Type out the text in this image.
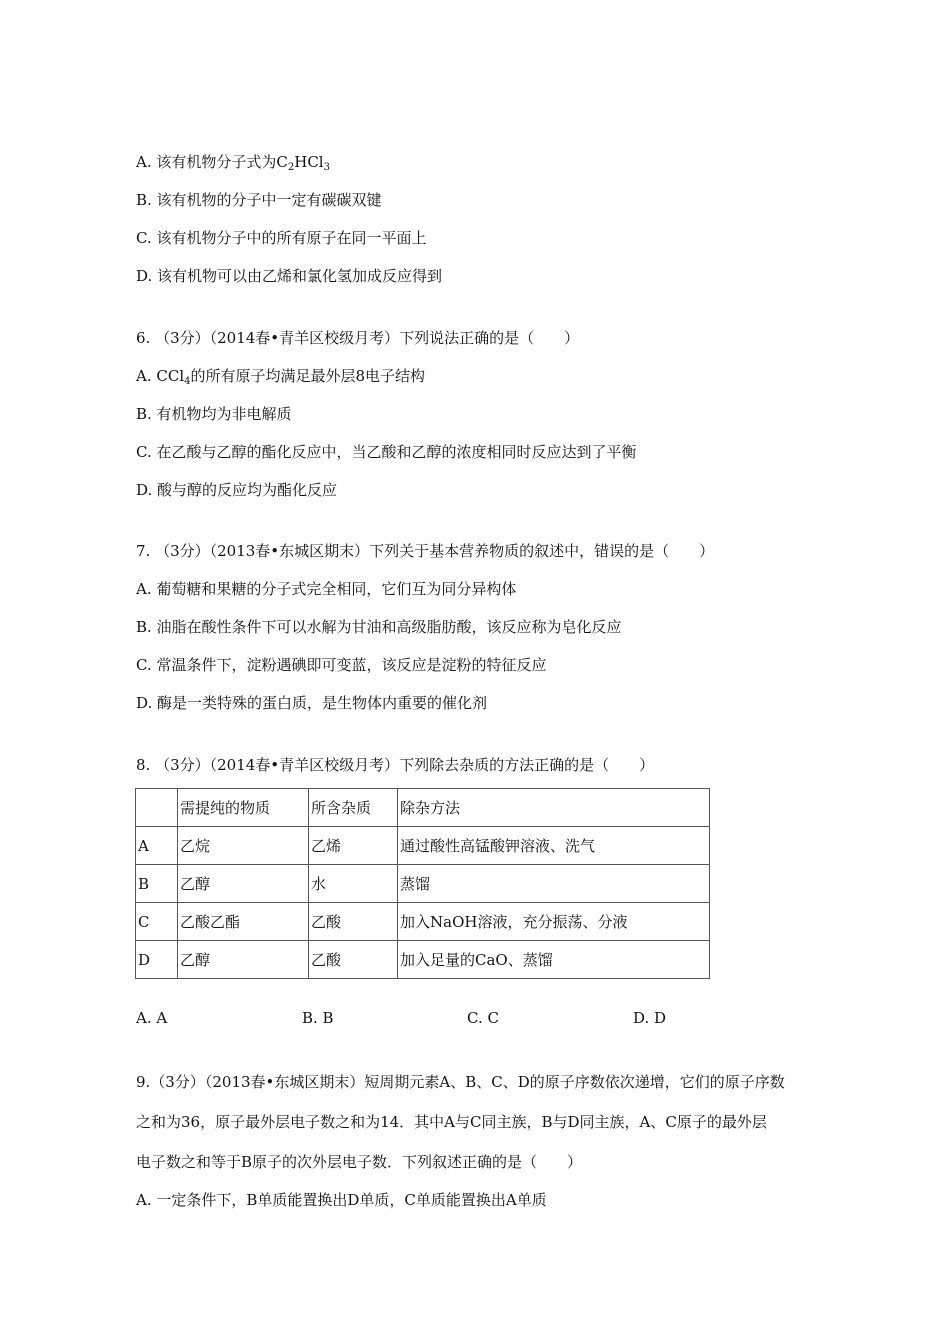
A. 该有机物分子式为$C_2HCl_3$
B. 该有机物的分子中一定有碳碳双键
C. 该有机物分子中的所有原子在同一平面上
D. 该有机物可以由乙烯和氯化氢加成反应得到
6. （3分）（2014春•青羊区校级月考）下列说法正确的是（　　）
A. CCl$_4$的所有原子均满足最外层8电子结构
B. 有机物均为非电解质
C. 在乙酸与乙醇的酯化反应中，当乙酸和乙醇的浓度相同时反应达到了平衡
D. 酸与醇的反应均为酯化反应
7. （3分）（2013春•东城区期末）下列关于基本营养物质的叙述中，错误的是（　　）
A. 葡萄糖和果糖的分子式完全相同，它们互为同分异构体
B. 油脂在酸性条件下可以水解为甘油和高级脂肪酸，该反应称为皂化反应
C. 常温条件下，淀粉遇碘即可变蓝，该反应是淀粉的特征反应
D. 酶是一类特殊的蛋白质，是生物体内重要的催化剂
8. （3分）（2014春•青羊区校级月考）下列除去杂质的方法正确的是（　　）
	需提纯的物质	所含杂质	除杂方法
A	乙烷	乙烯	通过酸性高锰酸钾溶液、洗气
B	乙醇	水	蒸馏
C	乙酸乙酯	乙酸	加入NaOH溶液，充分振荡、分液
D	乙醇	乙酸	加入足量的CaO、蒸馏
A. A	B. B	C. C	D. D
9.（3分）（2013春•东城区期末）短周期元素A、B、C、D的原子序数依次递增，它们的原子序数
之和为36，原子最外层电子数之和为14．其中A与C同主族，B与D同主族，A、C原子的最外层
电子数之和等于B原子的次外层电子数．下列叙述正确的是（　　）
A. 一定条件下，B单质能置换出D单质，C单质能置换出A单质
